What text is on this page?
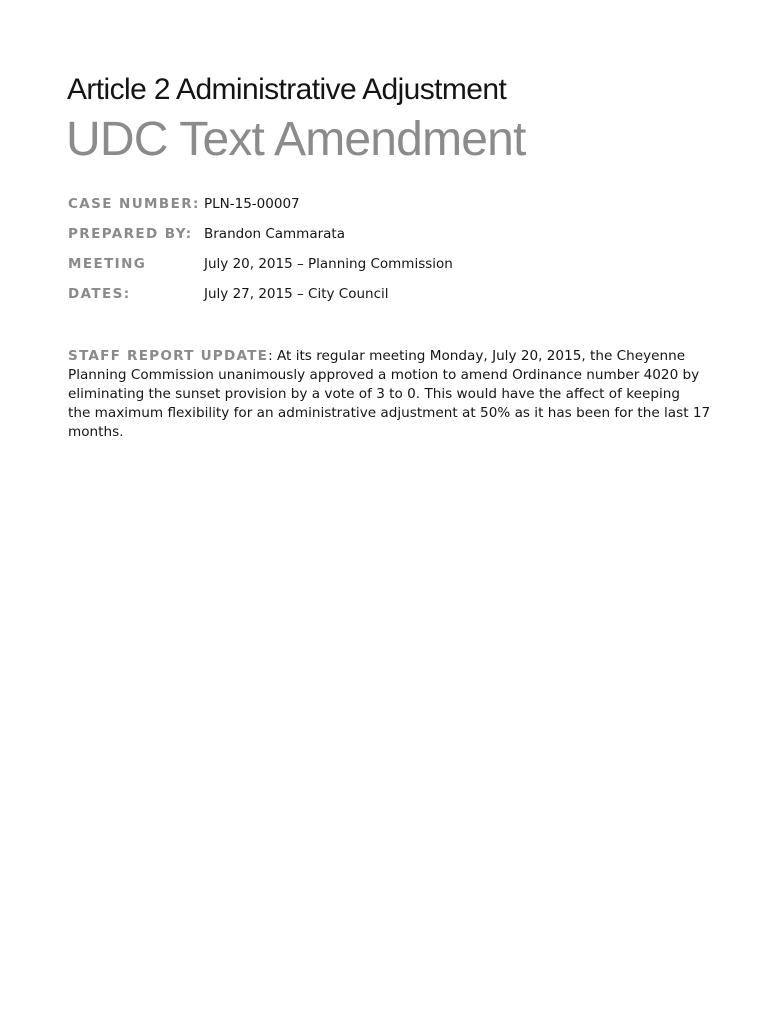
Article 2 Administrative Adjustment
UDC Text Amendment
CASE NUMBER: PLN-15-00007
PREPARED BY: Brandon Cammarata
MEETING	July 20, 2015 – Planning Commission
DATES:	July 27, 2015 – City Council

STAFF REPORT UPDATE: At its regular meeting Monday, July 20, 2015, the Cheyenne
Planning Commission unanimously approved a motion to amend Ordinance number 4020 by
eliminating the sunset provision by a vote of 3 to 0. This would have the affect of keeping
the maximum flexibility for an administrative adjustment at 50% as it has been for the last 17
months.
